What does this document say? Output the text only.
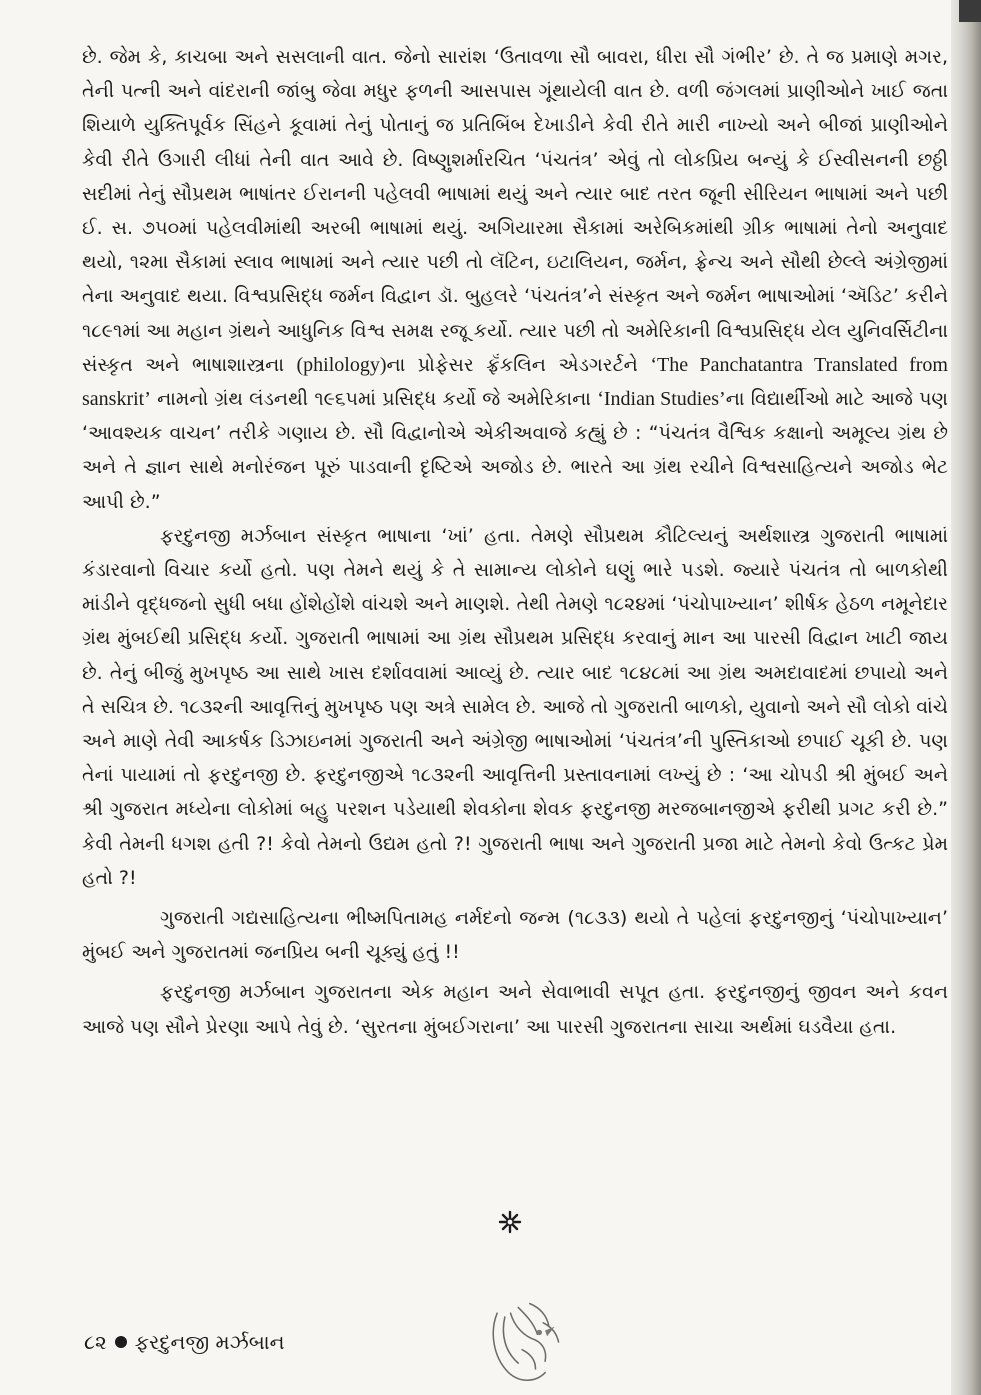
છે. જેમ કે, કાચબા અને સસલાની વાત. જેનો સારાંશ ‘ઉતાવળા સૌ બાવરા, ધીરા સૌ ગંભીર’ છે. તે જ પ્રમાણે મગર, તેની પત્ની અને વાંદરાની જાંબુ જેવા મધુર ફળની આસપાસ ગૂંથાયેલી વાત છે. વળી જંગલમાં પ્રાણીઓને ખાઈ જતા શિયાળે યુક્તિપૂર્વક સિંહને કૂવામાં તેનું પોતાનું જ પ્રતિબિંબ દેખાડીને કેવી રીતે મારી નાખ્યો અને બીજાં પ્રાણીઓને કેવી રીતે ઉગારી લીધાં તેની વાત આવે છે. વિષ્ણુશર્મારચિત ‘પંચતંત્ર’ એવું તો લોકપ્રિય બન્યું કે ઈસ્વીસનની છઠ્ઠી સદીમાં તેનું સૌપ્રથમ ભાષાંતર ઈરાનની પહેલવી ભાષામાં થયું અને ત્યાર બાદ તરત જૂની સીરિયન ભાષામાં અને પછી ઈ. સ. ૭૫૦માં પહેલવીમાંથી અરબી ભાષામાં થયું. અગિયારમા સૈકામાં અરેબિકમાંથી ગ્રીક ભાષામાં તેનો અનુવાદ થયો, ૧૨મા સૈકામાં સ્લાવ ભાષામાં અને ત્યાર પછી તો લૅટિન, ઇટાલિયન, જર્મન, ફ્રેન્ચ અને સૌથી છેલ્લે અંગ્રેજીમાં તેના અનુવાદ થયા. વિશ્વપ્રસિદ્ધ જર્મન વિદ્વાન ડૉ. બુહલરે ‘પંચતંત્ર’ને સંસ્કૃત અને જર્મન ભાષાઓમાં ‘ઍડિટ’ કરીને ૧૮૯૧માં આ મહાન ગ્રંથને આધુનિક વિશ્વ સમક્ષ રજૂ કર્યો. ત્યાર પછી તો અમેરિકાની વિશ્વપ્રસિદ્ધ યેલ યુનિવર્સિટીના સંસ્કૃત અને ભાષાશાસ્ત્રના (philology)ના પ્રોફેસર ફ્રૅંકલિન એડગરર્ટને ‘The Panchatantra Translated from sanskrit’ નામનો ગ્રંથ લંડનથી ૧૯૬૫માં પ્રસિદ્ધ કર્યો જે અમેરિકાના ‘Indian Studies’ના વિદ્યાર્થીઓ માટે આજે પણ ‘આવશ્યક વાચન’ તરીકે ગણાય છે. સૌ વિદ્વાનોએ એકીઅવાજે કહ્યું છે : “પંચતંત્ર વૈશ્વિક કક્ષાનો અમૂલ્ય ગ્રંથ છે અને તે જ્ઞાન સાથે મનોરંજન પૂરું પાડવાની દૃષ્ટિએ અજોડ છે. ભારતે આ ગ્રંથ રચીને વિશ્વસાહિત્યને અજોડ ભેટ આપી છે.”

ફરદુનજી મર્ઝબાન સંસ્કૃત ભાષાના ‘ખાં’ હતા. તેમણે સૌપ્રથમ કૌટિલ્યનું અર્થશાસ્ત્ર ગુજરાતી ભાષામાં કંડારવાનો વિચાર કર્યો હતો. પણ તેમને થયું કે તે સામાન્ય લોકોને ઘણું ભારે પડશે. જ્યારે પંચતંત્ર તો બાળકોથી માંડીને વૃદ્ધજનો સુધી બધા હોંશેહોંશે વાંચશે અને માણશે. તેથી તેમણે ૧૮૨૪માં ‘પંચોપાખ્યાન’ શીર્ષક હેઠળ નમૂનેદાર ગ્રંથ મુંબઈથી પ્રસિદ્ધ કર્યો. ગુજરાતી ભાષામાં આ ગ્રંથ સૌપ્રથમ પ્રસિદ્ધ કરવાનું માન આ પારસી વિદ્વાન ખાટી જાય છે. તેનું બીજું મુખપૃષ્ઠ આ સાથે ખાસ દર્શાવવામાં આવ્યું છે. ત્યાર બાદ ૧૮૪૮માં આ ગ્રંથ અમદાવાદમાં છપાયો અને તે સચિત્ર છે. ૧૮૩૨ની આવૃત્તિનું મુખપૃષ્ઠ પણ અત્રે સામેલ છે. આજે તો ગુજરાતી બાળકો, યુવાનો અને સૌ લોકો વાંચે અને માણે તેવી આકર્ષક ડિઝાઇનમાં ગુજરાતી અને અંગ્રેજી ભાષાઓમાં ‘પંચતંત્ર’ની પુસ્તિકાઓ છપાઈ ચૂકી છે. પણ તેનાં પાયામાં તો ફરદુનજી છે. ફરદુનજીએ ૧૮૩૨ની આવૃત્તિની પ્રસ્તાવનામાં લખ્યું છે : ‘આ ચોપડી શ્રી મુંબઈ અને શ્રી ગુજરાત મધ્યેના લોકોમાં બહુ પરશન પડેયાથી શેવકોના શેવક ફરદુનજી મરજબાનજીએ ફરીથી પ્રગટ કરી છે.” કેવી તેમની ધગશ હતી ?! કેવો તેમનો ઉદ્યમ હતો ?! ગુજરાતી ભાષા અને ગુજરાતી પ્રજા માટે તેમનો કેવો ઉત્કટ પ્રેમ હતો ?!

ગુજરાતી ગદ્યસાહિત્યના ભીષ્મપિતામહ નર્મદનો જન્મ (૧૮૩૩) થયો તે પહેલાં ફરદુનજીનું ‘પંચોપાખ્યાન’ મુંબઈ અને ગુજરાતમાં જનપ્રિય બની ચૂક્યું હતું !!

ફરદુનજી મર્ઝબાન ગુજરાતના એક મહાન અને સેવાભાવી સપૂત હતા. ફરદુનજીનું જીવન અને કવન આજે પણ સૌને પ્રેરણા આપે તેવું છે. ‘સુરતના મુંબઈગરાના’ આ પારસી ગુજરાતના સાચા અર્થમાં ઘડવૈયા હતા.

૮૨ ફરદુનજી મર્ઝબાન
